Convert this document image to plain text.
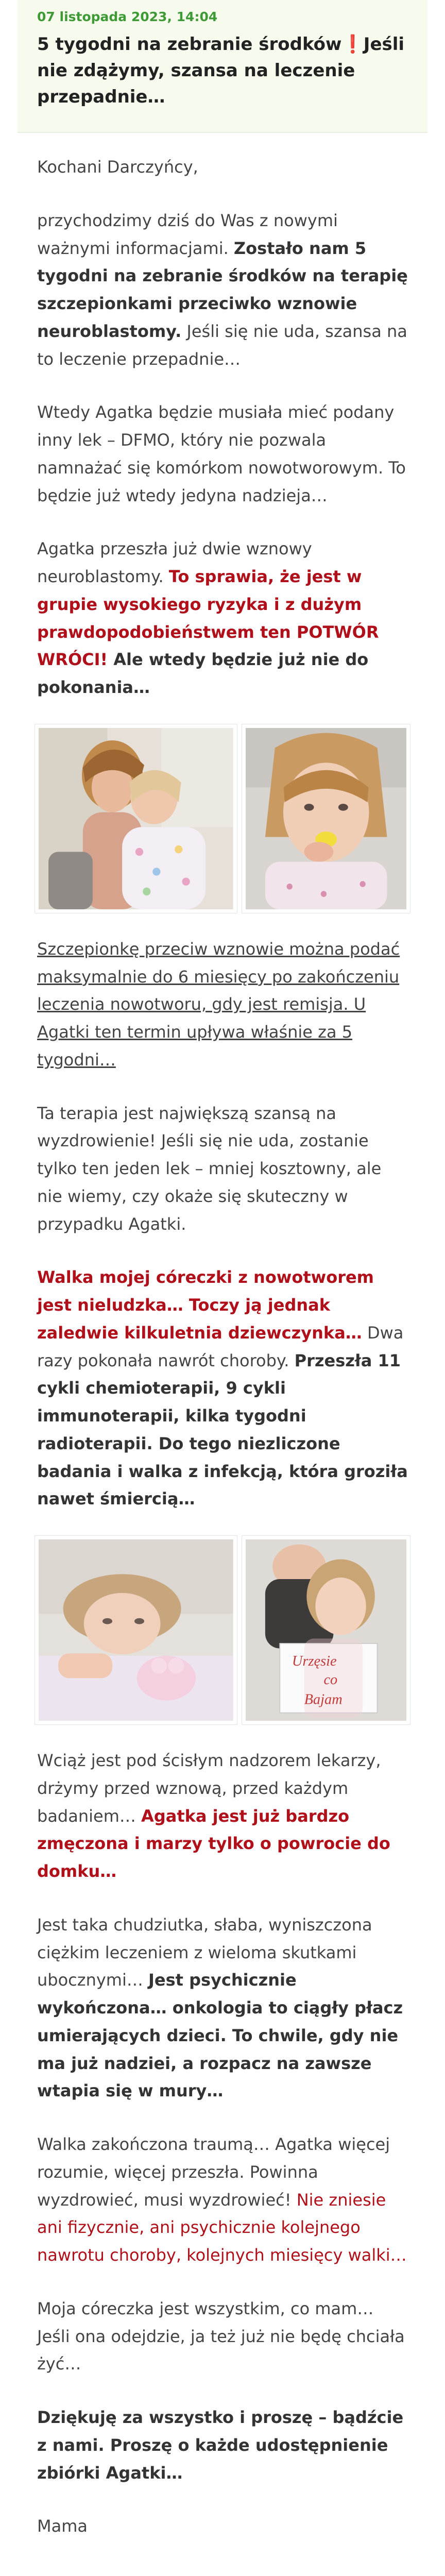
07 listopada 2023, 14:04
5 tygodni na zebranie środków❗Jeśli nie zdążymy, szansa na leczenie przepadnie…

Kochani Darczyńcy,

przychodzimy dziś do Was z nowymi ważnymi informacjami. Zostało nam 5 tygodni na zebranie środków na terapię szczepionkami przeciwko wznowie neuroblastomy. Jeśli się nie uda, szansa na to leczenie przepadnie…

Wtedy Agatka będzie musiała mieć podany inny lek – DFMO, który nie pozwala namnażać się komórkom nowotworowym. To będzie już wtedy jedyna nadzieja…

Agatka przeszła już dwie wznowy neuroblastomy. To sprawia, że jest w grupie wysokiego ryzyka i z dużym prawdopodobieństwem ten POTWÓR WRÓCI! Ale wtedy będzie już nie do pokonania…

Szczepionkę przeciw wznowie można podać maksymalnie do 6 miesięcy po zakończeniu leczenia nowotworu, gdy jest remisja. U Agatki ten termin upływa właśnie za 5 tygodni…

Ta terapia jest największą szansą na wyzdrowienie! Jeśli się nie uda, zostanie tylko ten jeden lek – mniej kosztowny, ale nie wiemy, czy okaże się skuteczny w przypadku Agatki.

Walka mojej córeczki z nowotworem jest nieludzka… Toczy ją jednak zaledwie kilkuletnia dziewczynka… Dwa razy pokonała nawrót choroby. Przeszła 11 cykli chemioterapii, 9 cykli immunoterapii, kilka tygodni radioterapii. Do tego niezliczone badania i walka z infekcją, która groziła nawet śmiercią…

Urzęsie
co
Bajam

Wciąż jest pod ścisłym nadzorem lekarzy, drżymy przed wznową, przed każdym badaniem… Agatka jest już bardzo zmęczona i marzy tylko o powrocie do domku…

Jest taka chudziutka, słaba, wyniszczona ciężkim leczeniem z wieloma skutkami ubocznymi… Jest psychicznie wykończona… onkologia to ciągły płacz umierających dzieci. To chwile, gdy nie ma już nadziei, a rozpacz na zawsze wtapia się w mury…

Walka zakończona traumą… Agatka więcej rozumie, więcej przeszła. Powinna wyzdrowieć, musi wyzdrowieć! Nie zniesie ani fizycznie, ani psychicznie kolejnego nawrotu choroby, kolejnych miesięcy walki…

Moja córeczka jest wszystkim, co mam… Jeśli ona odejdzie, ja też już nie będę chciała żyć…

Dziękuję za wszystko i proszę – bądźcie z nami. Proszę o każde udostępnienie zbiórki Agatki…

Mama
